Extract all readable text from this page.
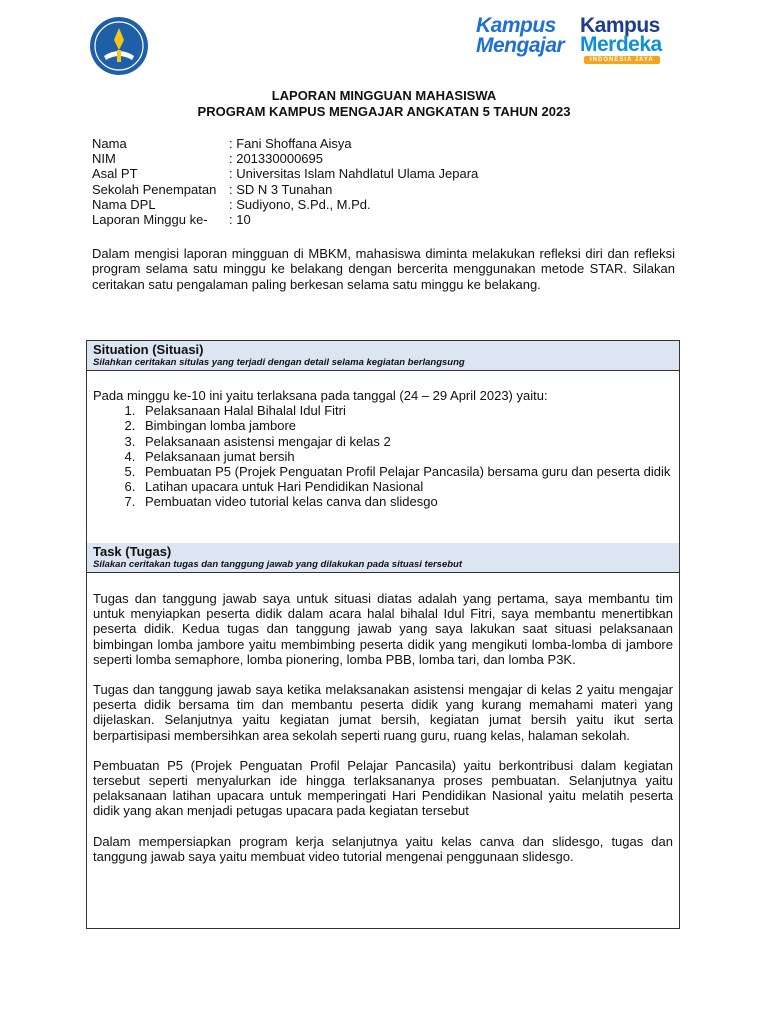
Kampus
Mengajar
Kampus
Merdeka
INDONESIA JAYA
LAPORAN MINGGUAN MAHASISWA
PROGRAM KAMPUS MENGAJAR ANGKATAN 5 TAHUN 2023
Nama	: Fani Shoffana Aisya
NIM	: 201330000695
Asal PT	: Universitas Islam Nahdlatul Ulama Jepara
Sekolah Penempatan : SD N 3 Tunahan
Nama DPL	: Sudiyono, S.Pd., M.Pd.
Laporan Minggu ke-	: 10
Dalam mengisi laporan mingguan di MBKM, mahasiswa diminta melakukan refleksi diri dan refleksi program selama satu minggu ke belakang dengan bercerita menggunakan metode STAR. Silakan ceritakan satu pengalaman paling berkesan selama satu minggu ke belakang.
Situation (Situasi)
Silahkan ceritakan situlas yang terjadi dengan detail selama kegiatan berlangsung
Pada minggu ke-10 ini yaitu terlaksana pada tanggal (24 – 29 April 2023) yaitu:
1. Pelaksanaan Halal Bihalal Idul Fitri
2. Bimbingan lomba jambore
3. Pelaksanaan asistensi mengajar di kelas 2
4. Pelaksanaan jumat bersih
5. Pembuatan P5 (Projek Penguatan Profil Pelajar Pancasila) bersama guru dan peserta didik
6. Latihan upacara untuk Hari Pendidikan Nasional
7. Pembuatan video tutorial kelas canva dan slidesgo
Task (Tugas)
Silakan ceritakan tugas dan tanggung jawab yang dilakukan pada situasi tersebut

Tugas dan tanggung jawab saya untuk situasi diatas adalah yang pertama, saya membantu tim untuk menyiapkan peserta didik dalam acara halal bihalal Idul Fitri, saya membantu menertibkan peserta didik. Kedua tugas dan tanggung jawab yang saya lakukan saat situasi pelaksanaan bimbingan lomba jambore yaitu membimbing peserta didik yang mengikuti lomba-lomba di jambore seperti lomba semaphore, lomba pionering, lomba PBB, lomba tari, dan lomba P3K.

Tugas dan tanggung jawab saya ketika melaksanakan asistensi mengajar di kelas 2 yaitu mengajar peserta didik bersama tim dan membantu peserta didik yang kurang memahami materi yang dijelaskan. Selanjutnya yaitu kegiatan jumat bersih, kegiatan jumat bersih yaitu ikut serta berpartisipasi membersihkan area sekolah seperti ruang guru, ruang kelas, halaman sekolah.

Pembuatan P5 (Projek Penguatan Profil Pelajar Pancasila) yaitu berkontribusi dalam kegiatan tersebut seperti menyalurkan ide hingga terlaksananya proses pembuatan. Selanjutnya yaitu pelaksanaan latihan upacara untuk memperingati Hari Pendidikan Nasional yaitu melatih peserta didik yang akan menjadi petugas upacara pada kegiatan tersebut

Dalam mempersiapkan program kerja selanjutnya yaitu kelas canva dan slidesgo, tugas dan tanggung jawab saya yaitu membuat video tutorial mengenai penggunaan slidesgo.
